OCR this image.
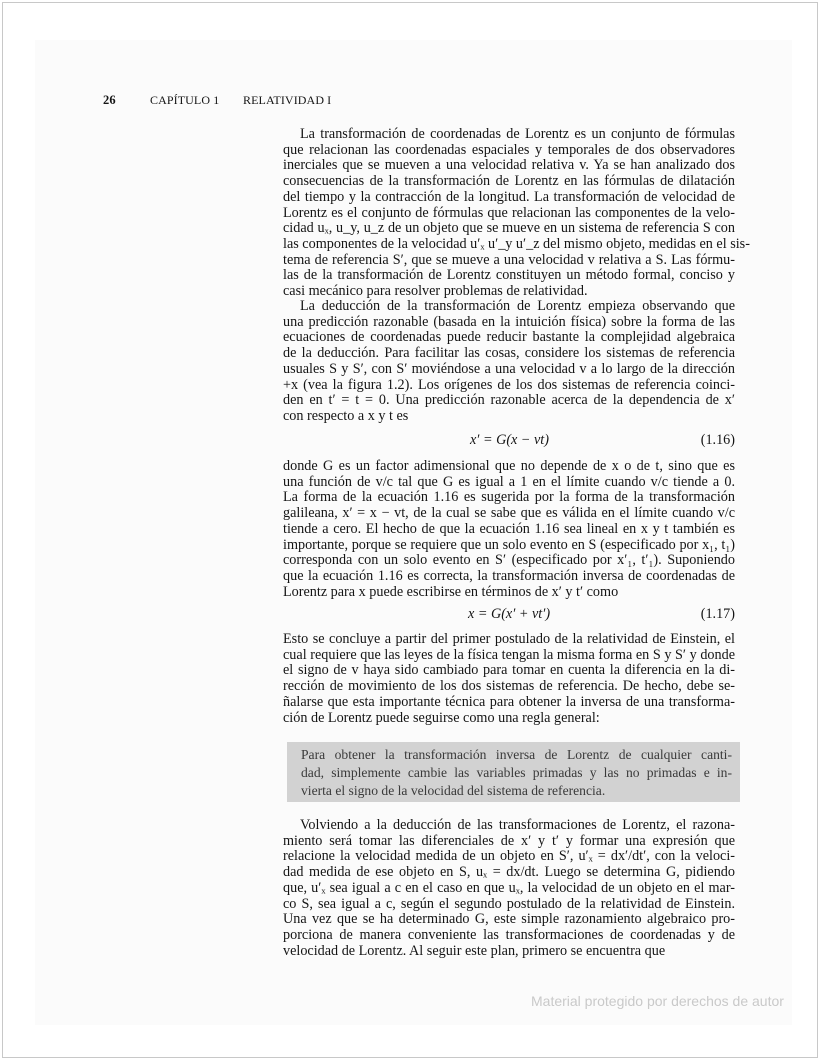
26	CAPÍTULO 1 RELATIVIDAD I
La transformación de coordenadas de Lorentz es un conjunto de fórmulas
que relacionan las coordenadas espaciales y temporales de dos observadores
inerciales que se mueven a una velocidad relativa v. Ya se han analizado dos
consecuencias de la transformación de Lorentz en las fórmulas de dilatación
del tiempo y la contracción de la longitud. La transformación de velocidad de
Lorentz es el conjunto de fórmulas que relacionan las componentes de la velo-
cidad uₓ, u_y, u_z de un objeto que se mueve en un sistema de referencia S con
las componentes de la velocidad u′ₓ u′_y u′_z del mismo objeto, medidas en el sis-
tema de referencia S′, que se mueve a una velocidad v relativa a S. Las fórmu-
las de la transformación de Lorentz constituyen un método formal, conciso y
casi mecánico para resolver problemas de relatividad.
La deducción de la transformación de Lorentz empieza observando que
una predicción razonable (basada en la intuición física) sobre la forma de las
ecuaciones de coordenadas puede reducir bastante la complejidad algebraica
de la deducción. Para facilitar las cosas, considere los sistemas de referencia
usuales S y S′, con S′ moviéndose a una velocidad v a lo largo de la dirección
+x (vea la figura 1.2). Los orígenes de los dos sistemas de referencia coinci-
den en t′ = t = 0. Una predicción razonable acerca de la dependencia de x′
con respecto a x y t es
donde G es un factor adimensional que no depende de x o de t, sino que es
una función de v/c tal que G es igual a 1 en el límite cuando v/c tiende a 0.
La forma de la ecuación 1.16 es sugerida por la forma de la transformación
galileana, x′ = x − vt, de la cual se sabe que es válida en el límite cuando v/c
tiende a cero. El hecho de que la ecuación 1.16 sea lineal en x y t también es
importante, porque se requiere que un solo evento en S (especificado por x₁, t₁)
corresponda con un solo evento en S′ (especificado por x′₁, t′₁). Suponiendo
que la ecuación 1.16 es correcta, la transformación inversa de coordenadas de
Lorentz para x puede escribirse en términos de x′ y t′ como
Esto se concluye a partir del primer postulado de la relatividad de Einstein, el
cual requiere que las leyes de la física tengan la misma forma en S y S′ y donde
el signo de v haya sido cambiado para tomar en cuenta la diferencia en la di-
rección de movimiento de los dos sistemas de referencia. De hecho, debe se-
ñalarse que esta importante técnica para obtener la inversa de una transforma-
ción de Lorentz puede seguirse como una regla general:
Volviendo a la deducción de las transformaciones de Lorentz, el razona-
miento será tomar las diferenciales de x′ y t′ y formar una expresión que
relacione la velocidad medida de un objeto en S′, u′ₓ = dx′/dt′, con la veloci-
dad medida de ese objeto en S, uₓ = dx/dt. Luego se determina G, pidiendo
que, u′ₓ sea igual a c en el caso en que uₓ, la velocidad de un objeto en el mar-
co S, sea igual a c, según el segundo postulado de la relatividad de Einstein.
Una vez que se ha determinado G, este simple razonamiento algebraico pro-
porciona de manera conveniente las transformaciones de coordenadas y de
velocidad de Lorentz. Al seguir este plan, primero se encuentra que
x′ = G(x − vt)	(1.16)
x = G(x′ + vt′)	(1.17)
Para obtener la transformación inversa de Lorentz de cualquier canti-
dad, simplemente cambie las variables primadas y las no primadas e in-
vierta el signo de la velocidad del sistema de referencia.
Material protegido por derechos de autor
